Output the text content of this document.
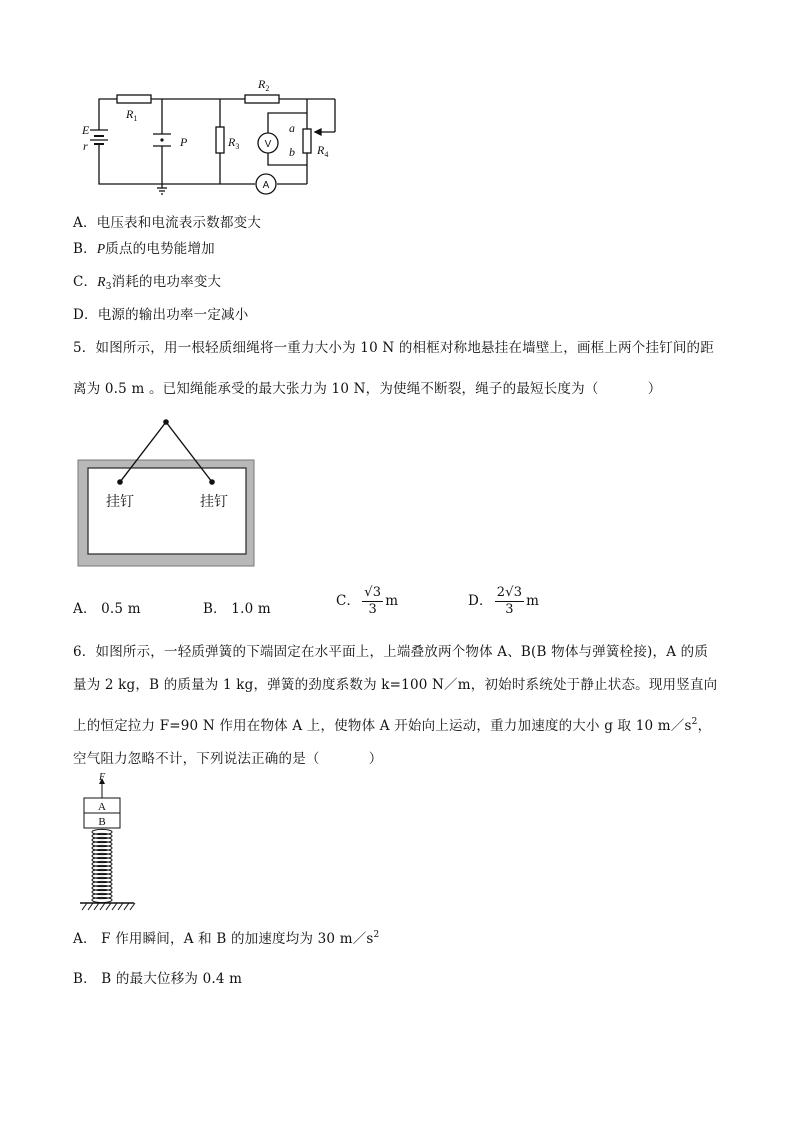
$R_1$
$R_2$
$R_3$	$R_4$
E
r	P
a
b
V
A
A．电压表和电流表示数都变大
B．P质点的电势能增加
C．$R_3$消耗的电功率变大
D．电源的输出功率一定减小
5．如图所示，用一根轻质细绳将一重力大小为 10 N 的相框对称地悬挂在墙壁上，画框上两个挂钉间的距
离为 0.5 m 。已知绳能承受的最大张力为 10 N，为使绳不断裂，绳子的最短长度为（	）
挂钉	挂钉
A． 0.5 m	B． 1.0 m	C． $\frac{√3}{3}$ m	D． $\frac{2√3}{3}$ m
6．如图所示，一轻质弹簧的下端固定在水平面上，上端叠放两个物体 A、B(B 物体与弹簧栓接)，A 的质
量为 2 kg，B 的质量为 1 kg，弹簧的劲度系数为 k=100 N／m，初始时系统处于静止状态。现用竖直向
上的恒定拉力 F=90 N 作用在物体 A 上，使物体 A 开始向上运动，重力加速度的大小 g 取 10 $m/s^2$，
空气阻力忽略不计，下列说法正确的是（	）
F
A
B
A． F 作用瞬间，A 和 B 的加速度均为 30 $m/s^2$
B． B 的最大位移为 0.4 m
